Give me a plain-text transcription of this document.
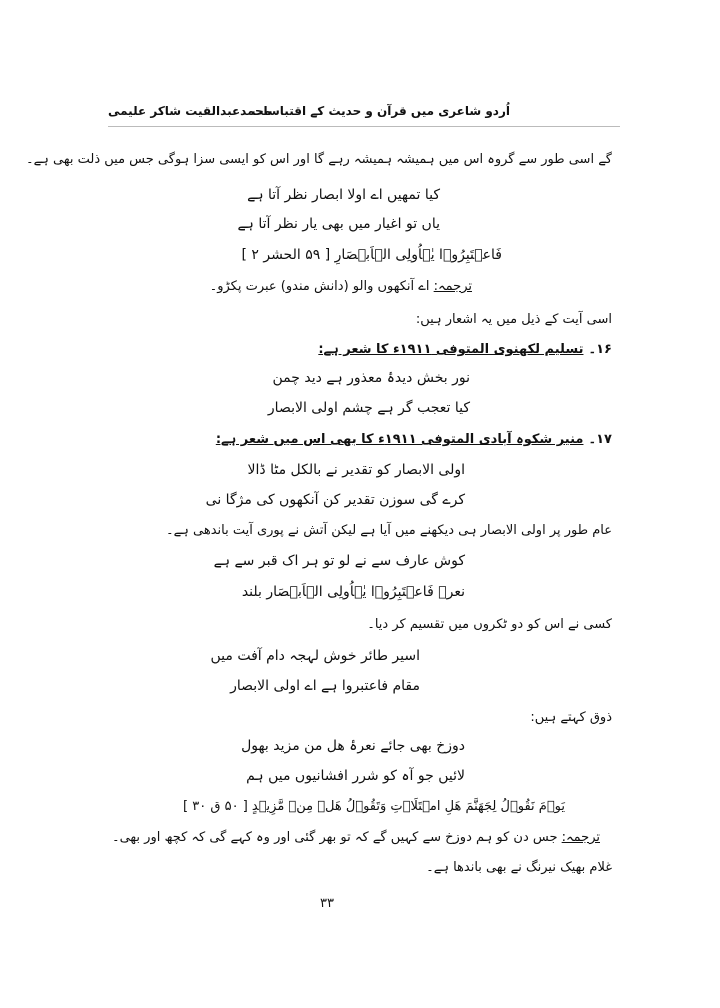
اُردو شاعری میں قرآن و حدیث کے اقتباسات
محمدعبدالقیت شاکر علیمی
گے اسی طور سے گروہ اس میں ہمیشہ ہمیشہ رہے گا اور اس کو ایسی سزا ہوگی جس میں ذلت بھی ہے۔
کیا تمھیں اے اولا ابصار نظر آتا ہے
یاں تو اغیار میں بھی یار نظر آتا ہے
فَاعۡتَبِرُوۡا یٰۤاُولِی الۡاَبۡصَارِ [ ۵۹ الحشر ۲ ]
ترجمہ: اے آنکھوں والو (دانش مندو) عبرت پکڑو۔
اسی آیت کے ذیل میں یہ اشعار ہیں:
۱۶۔ تسلیم لکھنوی المتوفی ۱۹۱۱ء کا شعر ہے:
نور بخش دیدۂ معذور ہے دید چمن
کیا تعجب گر ہے چشم اولی الابصار
۱۷۔ منیر شکوہ آبادی المتوفی ۱۹۱۱ء کا بھی اس میں شعر ہے:
اولی الابصار کو تقدیر نے بالکل مٹا ڈالا
کرے گی سوزن تقدیر کن آنکھوں کی مژگا نی
عام طور پر اولی الابصار ہی دیکھنے میں آیا ہے لیکن آتش نے پوری آیت باندھی ہے۔
کوش عارف سے نے لو تو ہر اک قبر سے ہے
نعرۂ فَاعۡتَبِرُوۡا یٰۤاُولِی الۡاَبۡصَار بلند
کسی نے اس کو دو ٹکروں میں تقسیم کر دیا۔
اسیر طائر خوش لہجہ دام آفت میں
مقام فاعتبروا ہے اے اولی الابصار
ذوق کہتے ہیں:
دوزخ بھی جائے نعرۂ ھل من مزید بھول
لائیں جو آہ کو شرر افشانیوں میں ہم
یَوۡمَ نَقُوۡلُ لِجَهَنَّمَ هَلِ امۡتَلَاۡتِ وَتَقُوۡلُ هَلۡ مِنۡ مَّزِيۡدٍ [ ۵۰ ق ۳۰ ]
ترجمہ: جس دن کو ہم دوزخ سے کہیں گے کہ تو بھر گئی اور وہ کہے گی کہ کچھ اور بھی۔
غلام بھیک نیرنگ نے بھی باندھا ہے۔
۳۳
